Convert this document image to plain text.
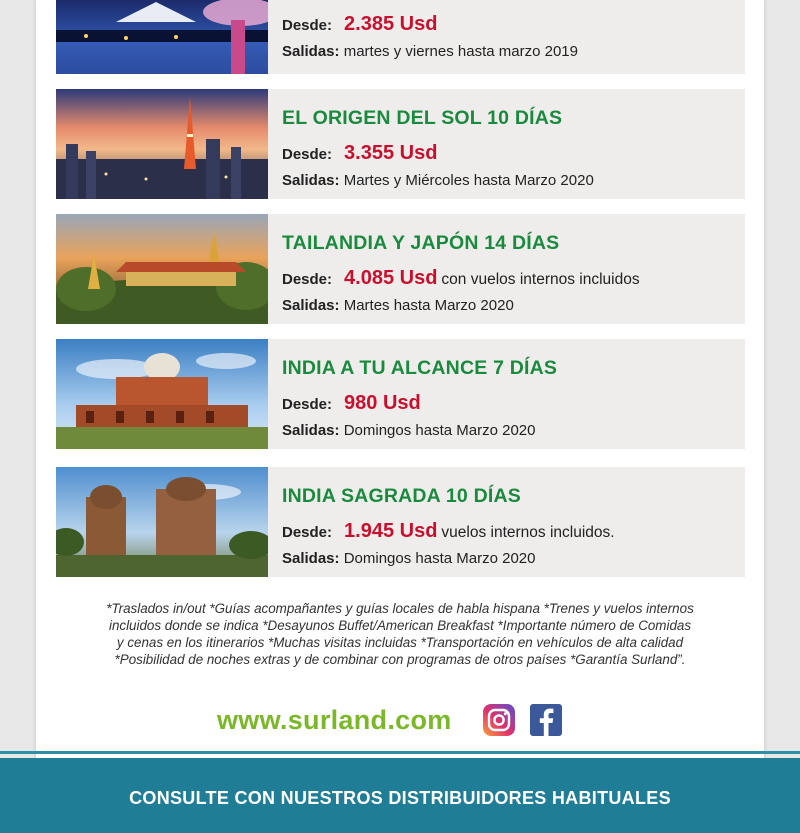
Desde: 2.385 Usd
Salidas: martes y viernes hasta marzo 2019
EL ORIGEN DEL SOL 10 DÍAS
Desde: 3.355 Usd
Salidas: Martes y Miércoles hasta Marzo 2020
TAILANDIA Y JAPÓN 14 DÍAS
Desde: 4.085 Usd con vuelos internos incluidos
Salidas: Martes hasta Marzo 2020
INDIA A TU ALCANCE 7 DÍAS
Desde: 980 Usd
Salidas: Domingos hasta Marzo 2020
INDIA SAGRADA 10 DÍAS
Desde: 1.945 Usd vuelos internos incluidos.
Salidas: Domingos hasta Marzo 2020
*Traslados in/out *Guías acompañantes y guías locales de habla hispana *Trenes y vuelos internos
incluidos donde se indica *Desayunos Buffet/American Breakfast *Importante número de Comidas
y cenas en los itinerarios *Muchas visitas incluidas *Transportación en vehículos de alta calidad
*Posibilidad de noches extras y de combinar con programas de otros países *Garantía Surland”.
www.surland.com
CONSULTE CON NUESTROS DISTRIBUIDORES HABITUALES
